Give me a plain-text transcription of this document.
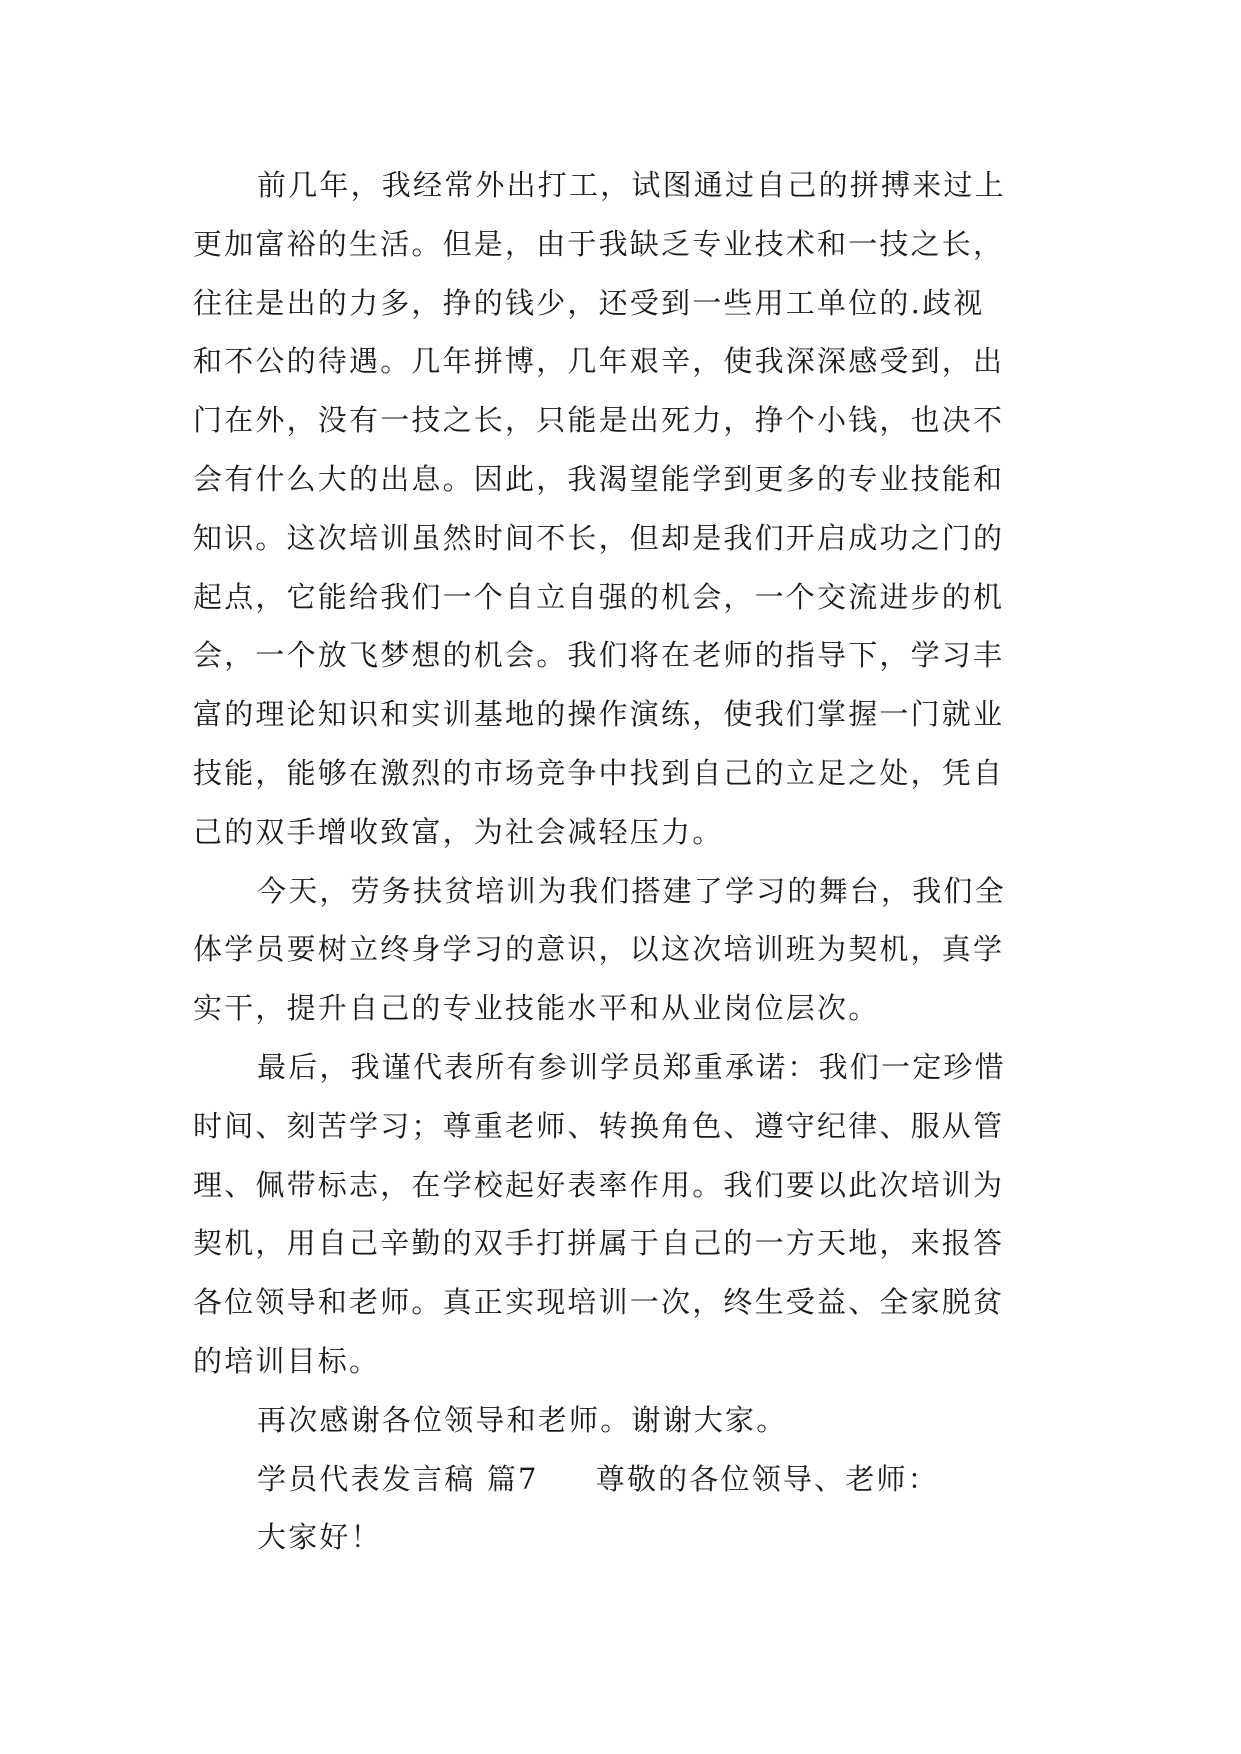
前几年，我经常外出打工，试图通过自己的拼搏来过上
更加富裕的生活。但是，由于我缺乏专业技术和一技之长，
往往是出的力多，挣的钱少，还受到一些用工单位的.歧视
和不公的待遇。几年拼博，几年艰辛，使我深深感受到，出
门在外，没有一技之长，只能是出死力，挣个小钱，也决不
会有什么大的出息。因此，我渴望能学到更多的专业技能和
知识。这次培训虽然时间不长，但却是我们开启成功之门的
起点，它能给我们一个自立自强的机会，一个交流进步的机
会，一个放飞梦想的机会。我们将在老师的指导下，学习丰
富的理论知识和实训基地的操作演练，使我们掌握一门就业
技能，能够在激烈的市场竞争中找到自己的立足之处，凭自
己的双手增收致富，为社会减轻压力。
今天，劳务扶贫培训为我们搭建了学习的舞台，我们全
体学员要树立终身学习的意识，以这次培训班为契机，真学
实干，提升自己的专业技能水平和从业岗位层次。
最后，我谨代表所有参训学员郑重承诺：我们一定珍惜
时间、刻苦学习；尊重老师、转换角色、遵守纪律、服从管
理、佩带标志，在学校起好表率作用。我们要以此次培训为
契机，用自己辛勤的双手打拼属于自己的一方天地，来报答
各位领导和老师。真正实现培训一次，终生受益、全家脱贫
的培训目标。
再次感谢各位领导和老师。谢谢大家。
学员代表发言稿 篇7     尊敬的各位领导、老师：
大家好！
